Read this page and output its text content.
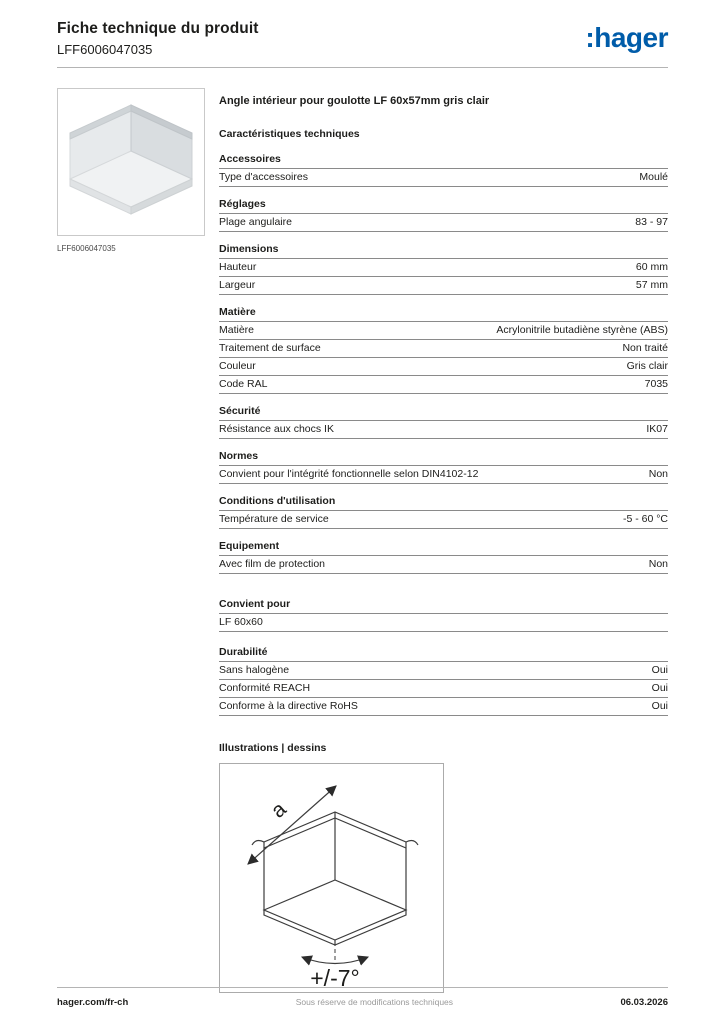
Fiche technique du produit
LFF6006047035	:hager
LFF6006047035
Angle intérieur pour goulotte LF 60x57mm gris clair
Caractéristiques techniques
Accessoires
Type d'accessoires	Moulé
Réglages
Plage angulaire	83 - 97
Dimensions
Hauteur	60 mm
Largeur	57 mm
Matière
Matière	Acrylonitrile butadiène styrène (ABS)
Traitement de surface	Non traité
Couleur	Gris clair
Code RAL	7035
Sécurité
Résistance aux chocs IK	IK07
Normes
Convient pour l'intégrité fonctionnelle selon DIN4102-12	Non
Conditions d'utilisation
Température de service	-5 - 60 °C
Equipement
Avec film de protection	Non
Convient pour
LF 60x60
Durabilité
Sans halogène	Oui
Conformité REACH	Oui
Conforme à la directive RoHS	Oui
Illustrations | dessins
a
+/-7°
hager.com/fr-ch	Sous réserve de modifications techniques	06.03.2026
